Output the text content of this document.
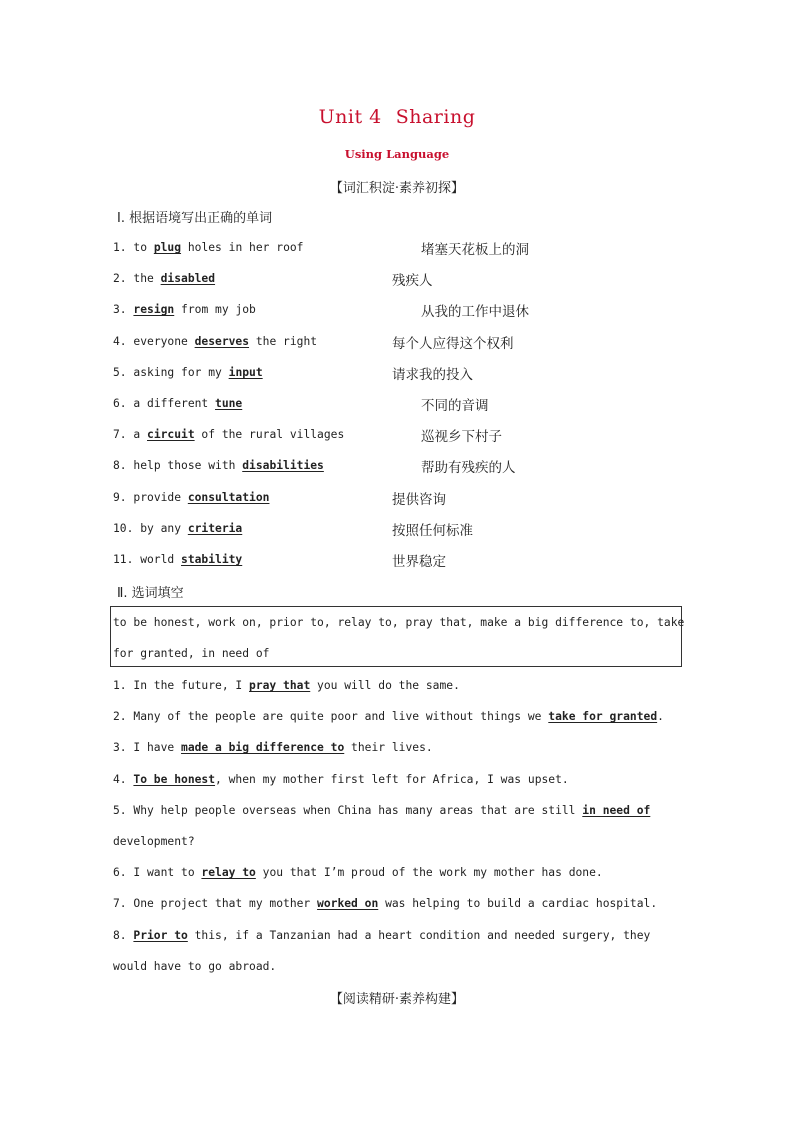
Unit 4 Sharing
Using Language
【词汇积淀·素养初探】
Ⅰ. 根据语境写出正确的单词
1. to plug holes in her roof	堵塞天花板上的洞
2. the disabled	残疾人
3. resign from my job	从我的工作中退休
4. everyone deserves the right	每个人应得这个权利
5. asking for my input	请求我的投入
6. a different tune	不同的音调
7. a circuit of the rural villages	巡视乡下村子
8. help those with disabilities	帮助有残疾的人
9. provide consultation	提供咨询
10. by any criteria	按照任何标准
11. world stability	世界稳定
Ⅱ. 选词填空
to be honest, work on, prior to, relay to, pray that, make a big difference to, take
for granted, in need of
1. In the future, I pray that you will do the same.
2. Many of the people are quite poor and live without things we take for granted.
3. I have made a big difference to their lives.
4. To be honest, when my mother first left for Africa, I was upset.
5. Why help people overseas when China has many areas that are still in need of
development?
6. I want to relay to you that I’m proud of the work my mother has done.
7. One project that my mother worked on was helping to build a cardiac hospital.
8. Prior to this, if a Tanzanian had a heart condition and needed surgery, they
would have to go abroad.
【阅读精研·素养构建】
